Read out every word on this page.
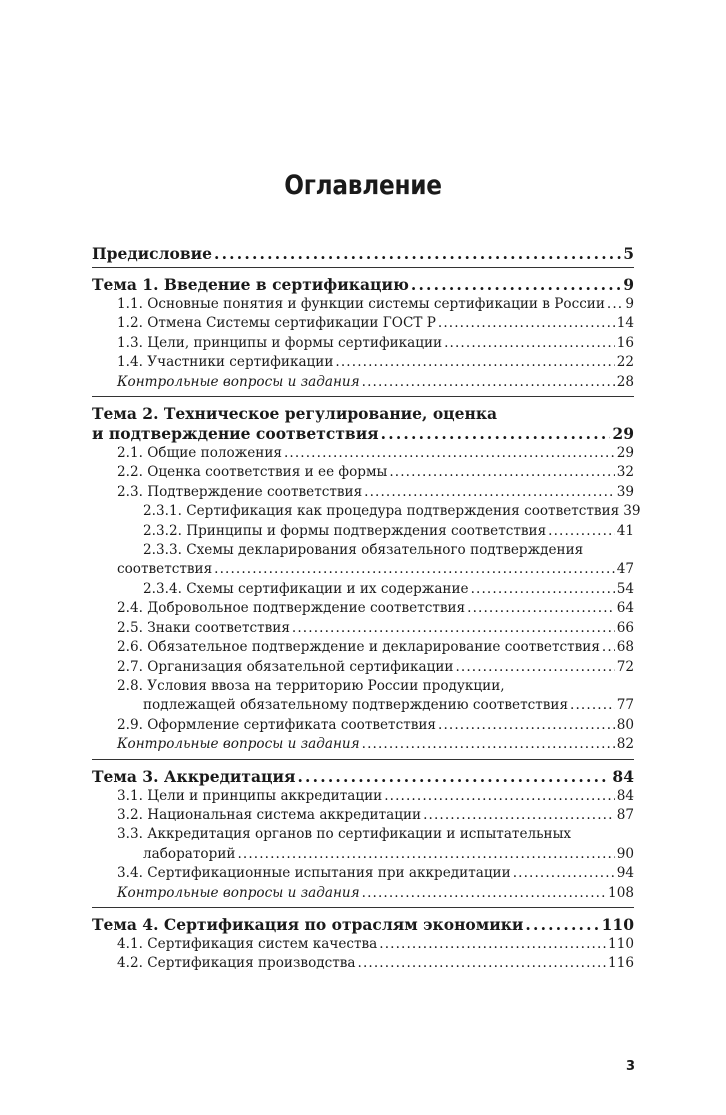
Оглавление
Предисловие . . .	5
Тема 1. Введение в сертификацию . . .	9
1.1. Основные понятия и функции системы сертификации в России . . . 9
1.2. Отмена Системы сертификации ГОСТ Р . . .	14
1.3. Цели, принципы и формы сертификации . . .	16
1.4. Участники сертификации . . .	22
Контрольные вопросы и задания . . .	28
Тема 2. Техническое регулирование, оценка
и подтверждение соответствия . . .	29
2.1. Общие положения . . .	29
2.2. Оценка соответствия и ее формы . . .	32
2.3. Подтверждение соответствия . . .	39
2.3.1. Сертификация как процедура подтверждения соответствия 39
2.3.2. Принципы и формы подтверждения соответствия . . .	41
2.3.3. Схемы декларирования обязательного подтверждения
соответствия . . .	47
2.3.4. Схемы сертификации и их содержание . . .	54
2.4. Добровольное подтверждение соответствия . . .	64
2.5. Знаки соответствия . . .	66
2.6. Обязательное подтверждение и декларирование соответствия . . . 68
2.7. Организация обязательной сертификации . . .	72
2.8. Условия ввоза на территорию России продукции,
подлежащей обязательному подтверждению соответствия . . .	77
2.9. Оформление сертификата соответствия . . .	80
Контрольные вопросы и задания . . .	82
Тема 3. Аккредитация . . .	84
3.1. Цели и принципы аккредитации . . .	84
3.2. Национальная система аккредитации . . .	87
3.3. Аккредитация органов по сертификации и испытательных
лабораторий . . .	90
3.4. Сертификационные испытания при аккредитации . . .	94
Контрольные вопросы и задания . . .	108
Тема 4. Сертификация по отраслям экономики . . .	110
4.1. Сертификация систем качества . . .	110
4.2. Сертификация производства . . .	116
3
